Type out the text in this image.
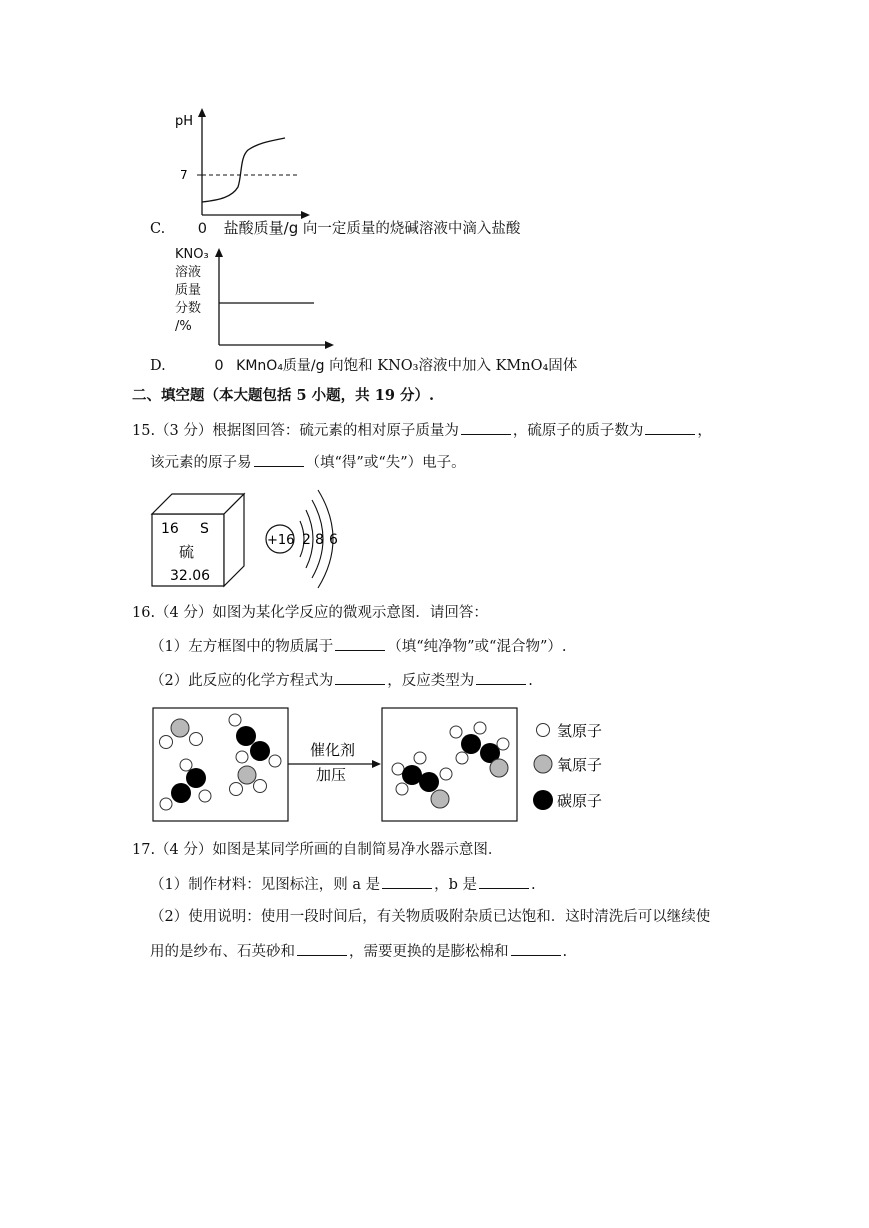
pH
7
C. 0 盐酸质量/g 向一定质量的烧碱溶液中滴入盐酸
KNO₃
溶液
质量
分数
/%
D.	0 KMnO₄质量/g 向饱和 KNO₃溶液中加入 KMnO₄固体
二、填空题（本大题包括 5 小题，共 19 分）.
15.（3 分）根据图回答：硫元素的相对原子质量为	，硫原子的质子数为	，
该元素的原子易	（填“得”或“失”）电子。
16 S
硫
32.06
+16 2 8 6
16.（4 分）如图为某化学反应的微观示意图．请回答：
（1）左方框图中的物质属于	（填“纯净物”或“混合物”）.
（2）此反应的化学方程式为	，反应类型为	.
催化剂
加压
氢原子
氧原子
碳原子
17.（4 分）如图是某同学所画的自制简易净水器示意图．
（1）制作材料：见图标注，则 a 是	，b 是	.
（2）使用说明：使用一段时间后，有关物质吸附杂质已达饱和．这时清洗后可以继续使
用的是纱布、石英砂和	，需要更换的是膨松棉和	.
